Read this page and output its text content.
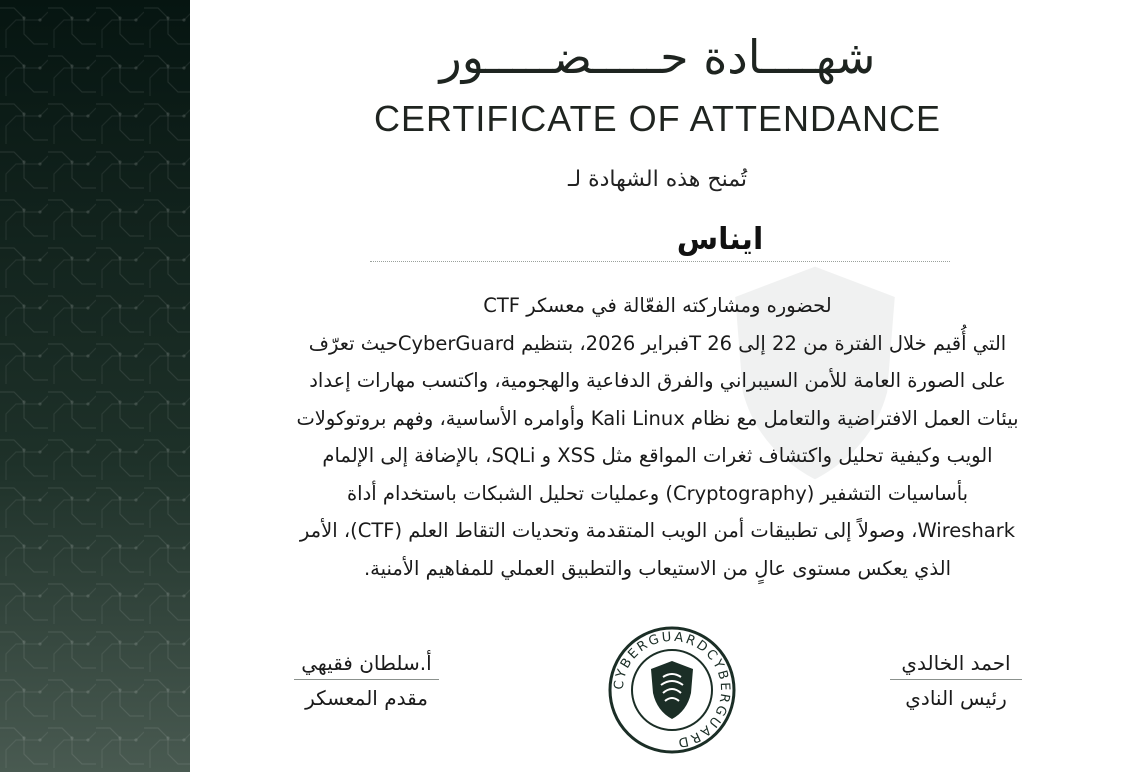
شهــــادة حـــــضـــــور
CERTIFICATE OF ATTENDANCE
تُمنح هذه الشهادة لـ
ايناس

لحضوره ومشاركته الفعّالة في معسكر CTF

التي أُقيم خلال الفترة من 22 إلى 26 Tفبراير 2026، بتنظيم CyberGuardحيث تعرّف

على الصورة العامة للأمن السيبراني والفرق الدفاعية والهجومية، واكتسب مهارات إعداد

بيئات العمل الافتراضية والتعامل مع نظام Kali Linux وأوامره الأساسية، وفهم بروتوكولات

الويب وكيفية تحليل واكتشاف ثغرات المواقع مثل XSS و SQLi، بالإضافة إلى الإلمام

بأساسيات التشفير (Cryptography) وعمليات تحليل الشبكات باستخدام أداة

Wireshark، وصولاً إلى تطبيقات أمن الويب المتقدمة وتحديات التقاط العلم (CTF)، الأمر

الذي يعكس مستوى عالٍ من الاستيعاب والتطبيق العملي للمفاهيم الأمنية.

أ.سلطان فقيهي
مقدم المعسكر
CYBERGUARDCYBERGUARD
احمد الخالدي
رئيس النادي
